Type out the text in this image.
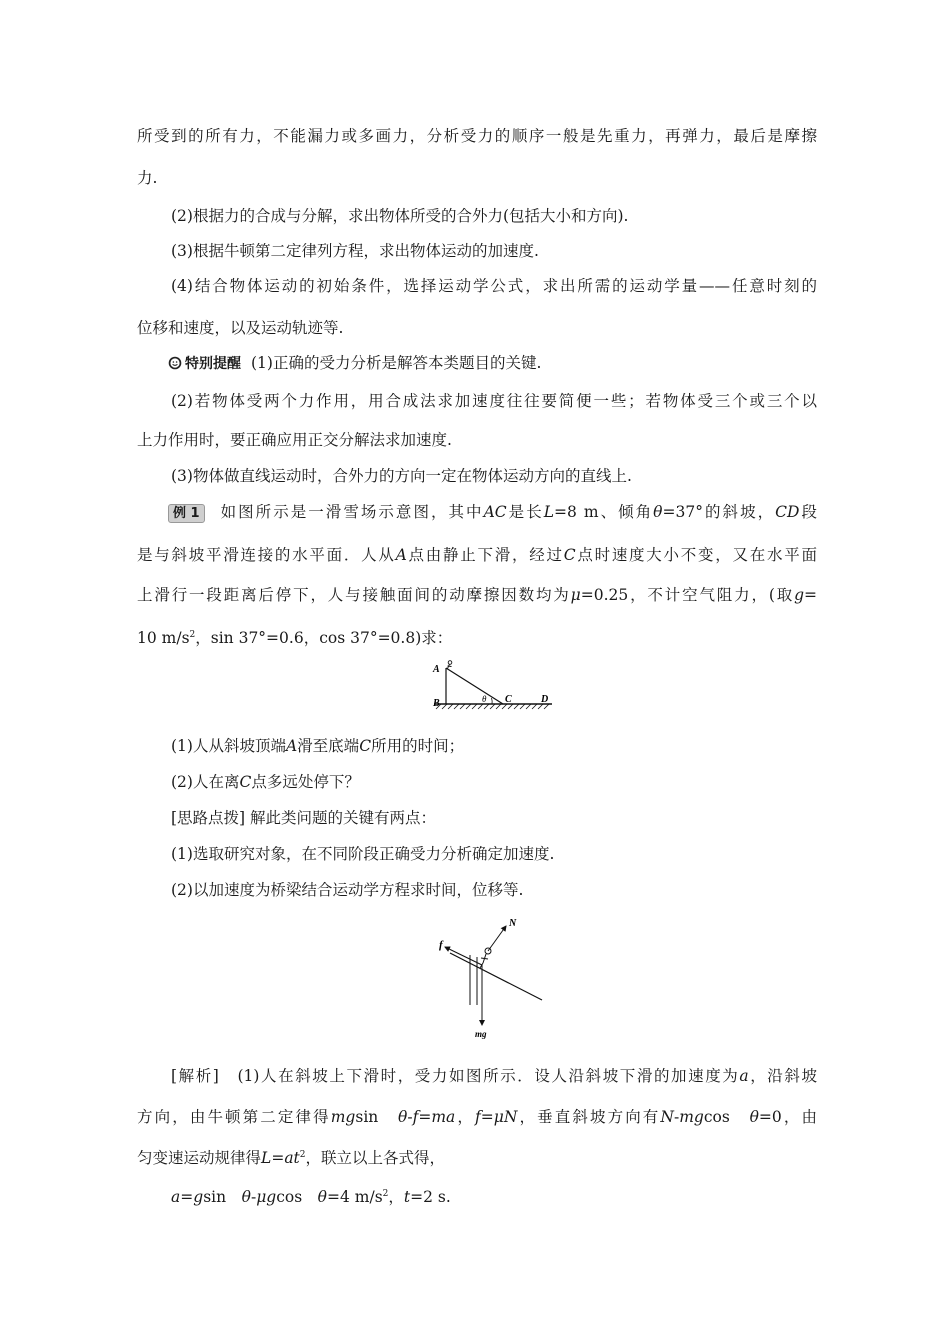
所受到的所有力，不能漏力或多画力，分析受力的顺序一般是先重力，再弹力，最后是摩擦
力.
(2)根据力的合成与分解，求出物体所受的合外力(包括大小和方向).
(3)根据牛顿第二定律列方程，求出物体运动的加速度.
(4)结合物体运动的初始条件，选择运动学公式，求出所需的运动学量——任意时刻的
位移和速度，以及运动轨迹等.
特别提醒 (1)正确的受力分析是解答本类题目的关键.
(2)若物体受两个力作用，用合成法求加速度往往要简便一些；若物体受三个或三个以
上力作用时，要正确应用正交分解法求加速度.
(3)物体做直线运动时，合外力的方向一定在物体运动方向的直线上.
例 1 如图所示是一滑雪场示意图，其中AC是长L=8 m、倾角θ=37°的斜坡，CD段
是与斜坡平滑连接的水平面．人从A点由静止下滑，经过C点时速度大小不变，又在水平面
上滑行一段距离后停下，人与接触面间的动摩擦因数均为μ=0.25，不计空气阻力，(取g=
10 $m/s^2$，sin 37°=0.6，cos 37°=0.8)求：
A
B	θ C	D
(1)人从斜坡顶端A滑至底端C所用的时间；
(2)人在离C点多远处停下？
[思路点拨] 解此类问题的关键有两点：
(1)选取研究对象，在不同阶段正确受力分析确定加速度.
(2)以加速度为桥梁结合运动学方程求时间，位移等.
N
f
mg
[解析]　(1)人在斜坡上下滑时，受力如图所示．设人沿斜坡下滑的加速度为a，沿斜坡
方向，由牛顿第二定律得mgsin　θ-f=ma，f=μN，垂直斜坡方向有N-mgcos　θ=0，由
匀变速运动规律得$L=at^2$，联立以上各式得，
a=gsin　θ-μgcos　θ=4 $m/s^2$，t=2 s.
